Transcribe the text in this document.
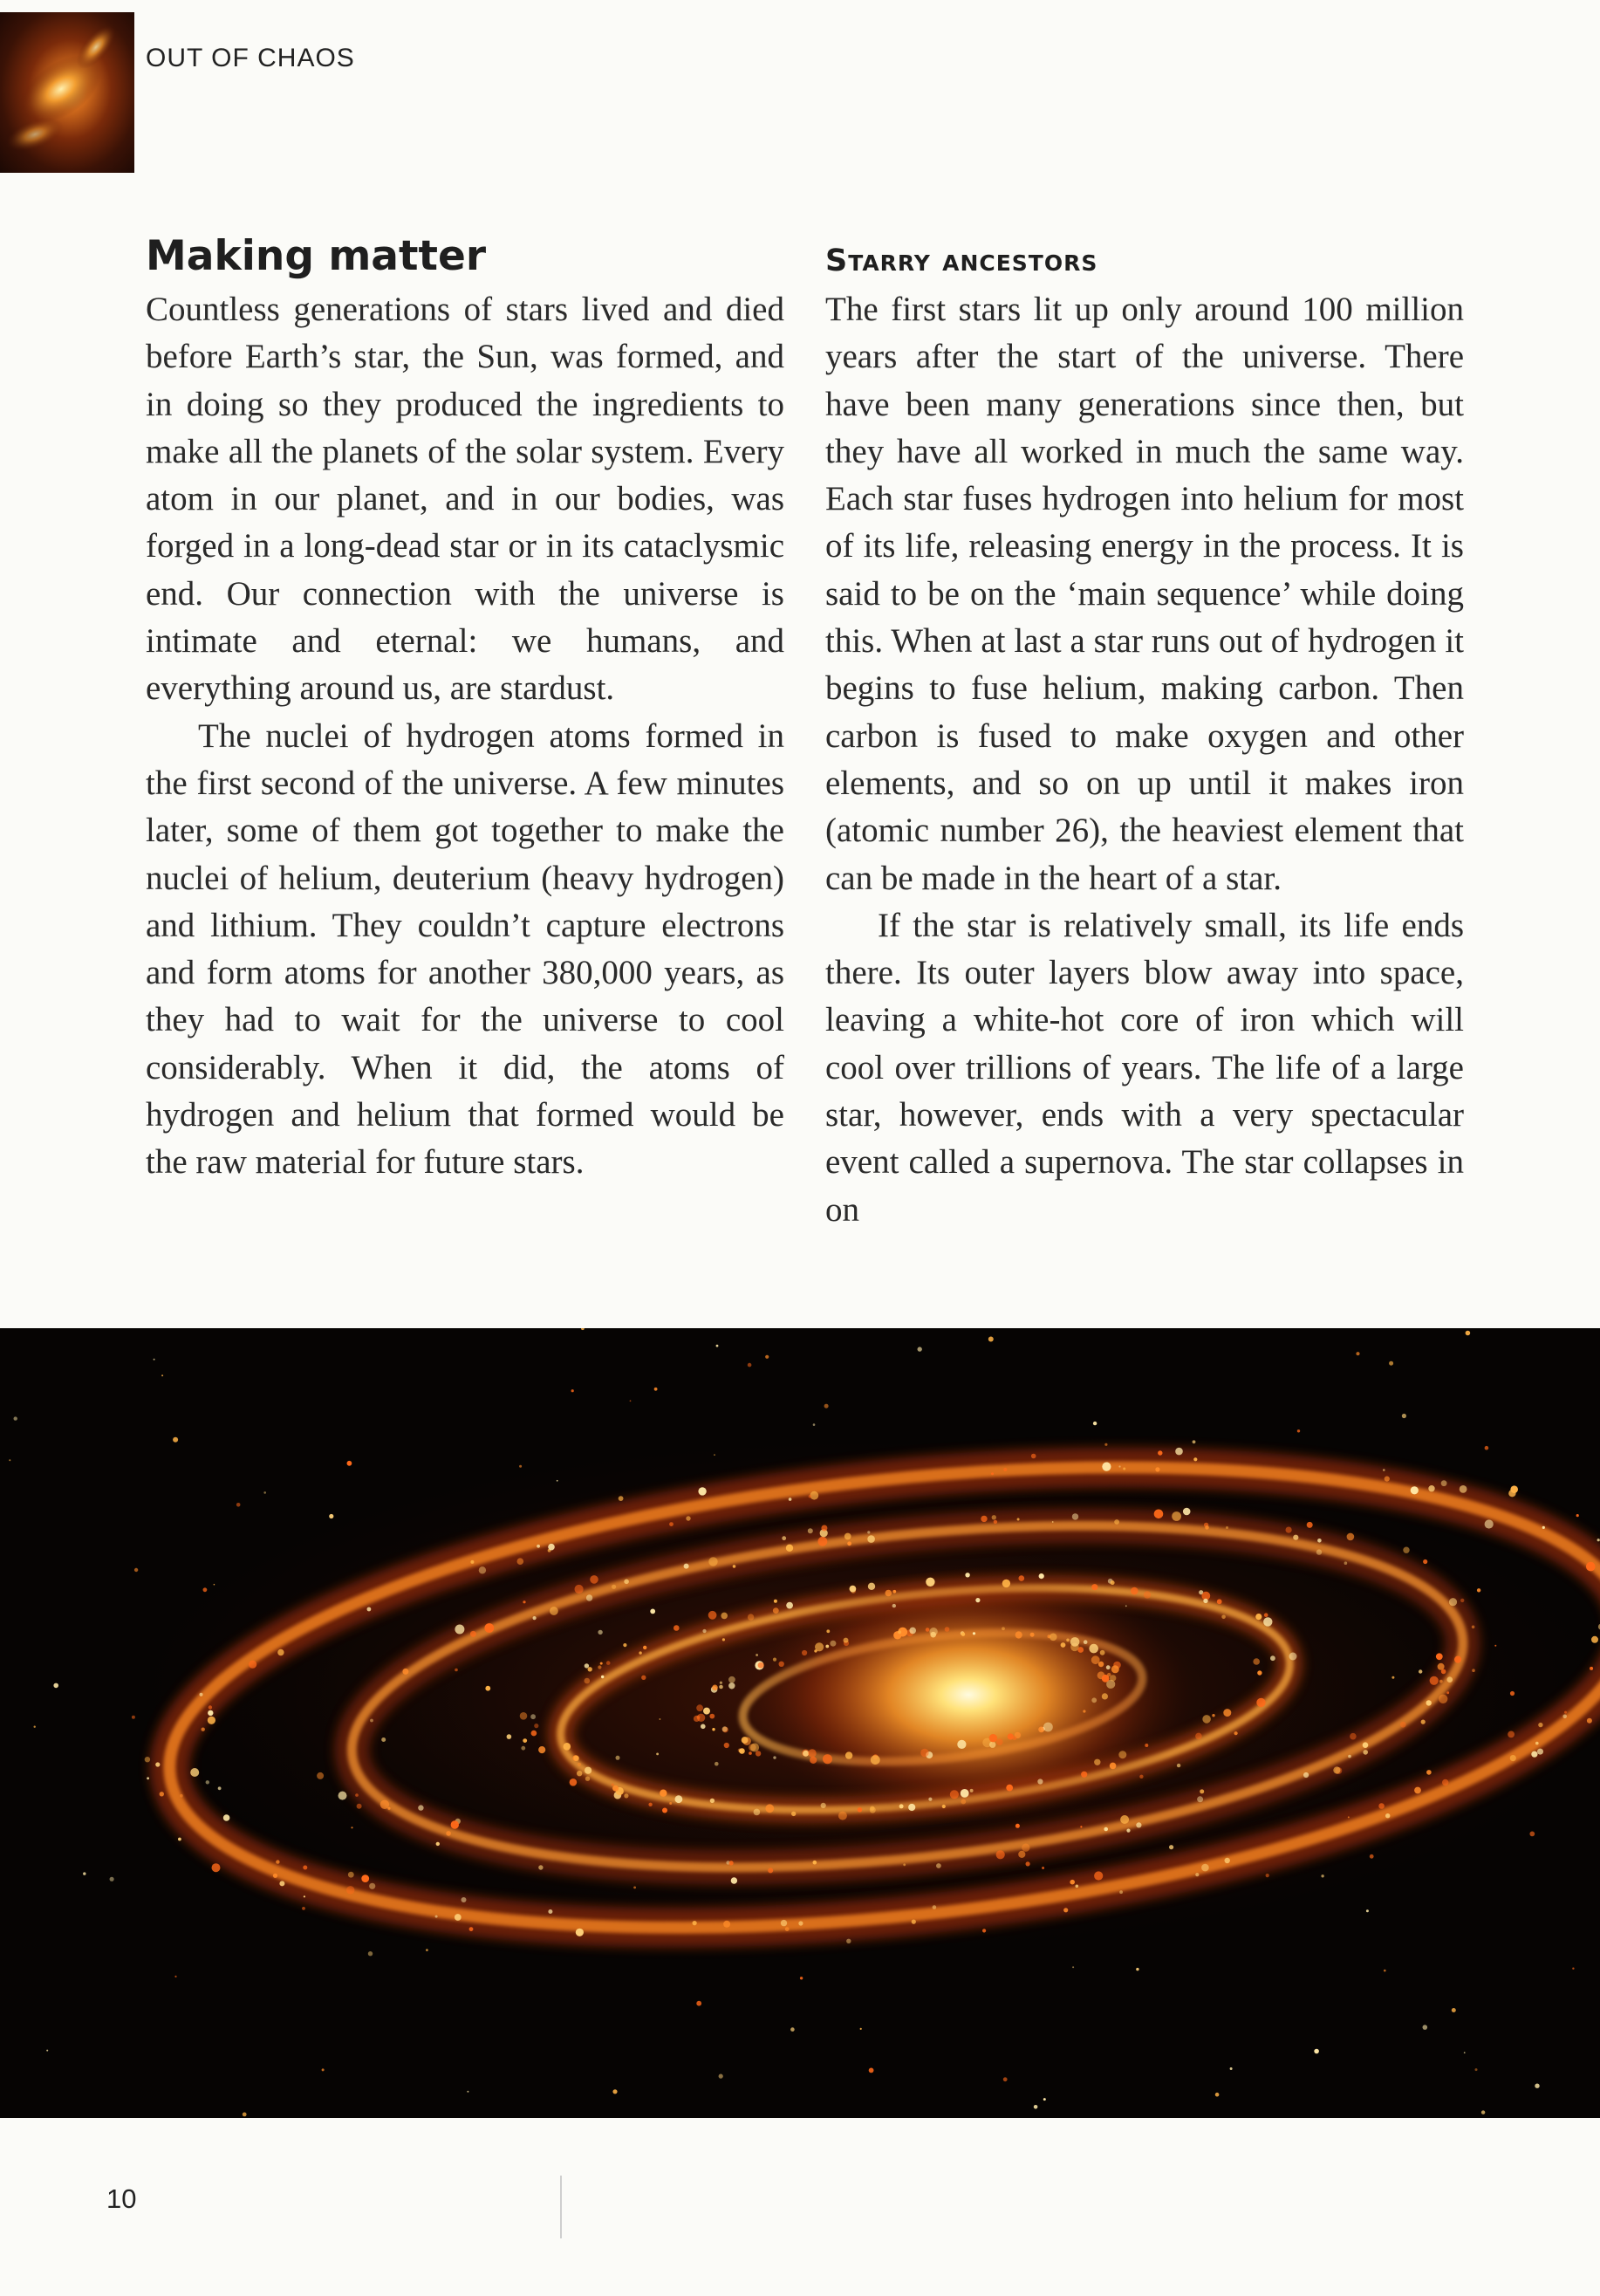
OUT OF CHAOS
Making matter

Countless generations of stars lived and died before Earth’s star, the Sun, was formed, and in doing so they produced the ingredients to make all the planets of the solar system. Every atom in our planet, and in our bodies, was forged in a long-dead star or in its cataclysmic end. Our connection with the universe is intimate and eternal: we humans, and everything around us, are stardust.

The nuclei of hydrogen atoms formed in the first second of the universe. A few minutes later, some of them got together to make the nuclei of helium, deuterium (heavy hydrogen) and lithium. They couldn’t capture electrons and form atoms for another 380,000 years, as they had to wait for the universe to cool considerably. When it did, the atoms of hydrogen and helium that formed would be the raw material for future stars.

Starry ancestors

The first stars lit up only around 100 million years after the start of the universe. There have been many generations since then, but they have all worked in much the same way. Each star fuses hydrogen into helium for most of its life, releasing energy in the process. It is said to be on the ‘main sequence’ while doing this. When at last a star runs out of hydrogen it begins to fuse helium, making carbon. Then carbon is fused to make oxygen and other elements, and so on up until it makes iron (atomic number 26), the heaviest element that can be made in the heart of a star.

If the star is relatively small, its life ends there. Its outer layers blow away into space, leaving a white-hot core of iron which will cool over trillions of years. The life of a large star, however, ends with a very spectacular event called a supernova. The star collapses in on

10
